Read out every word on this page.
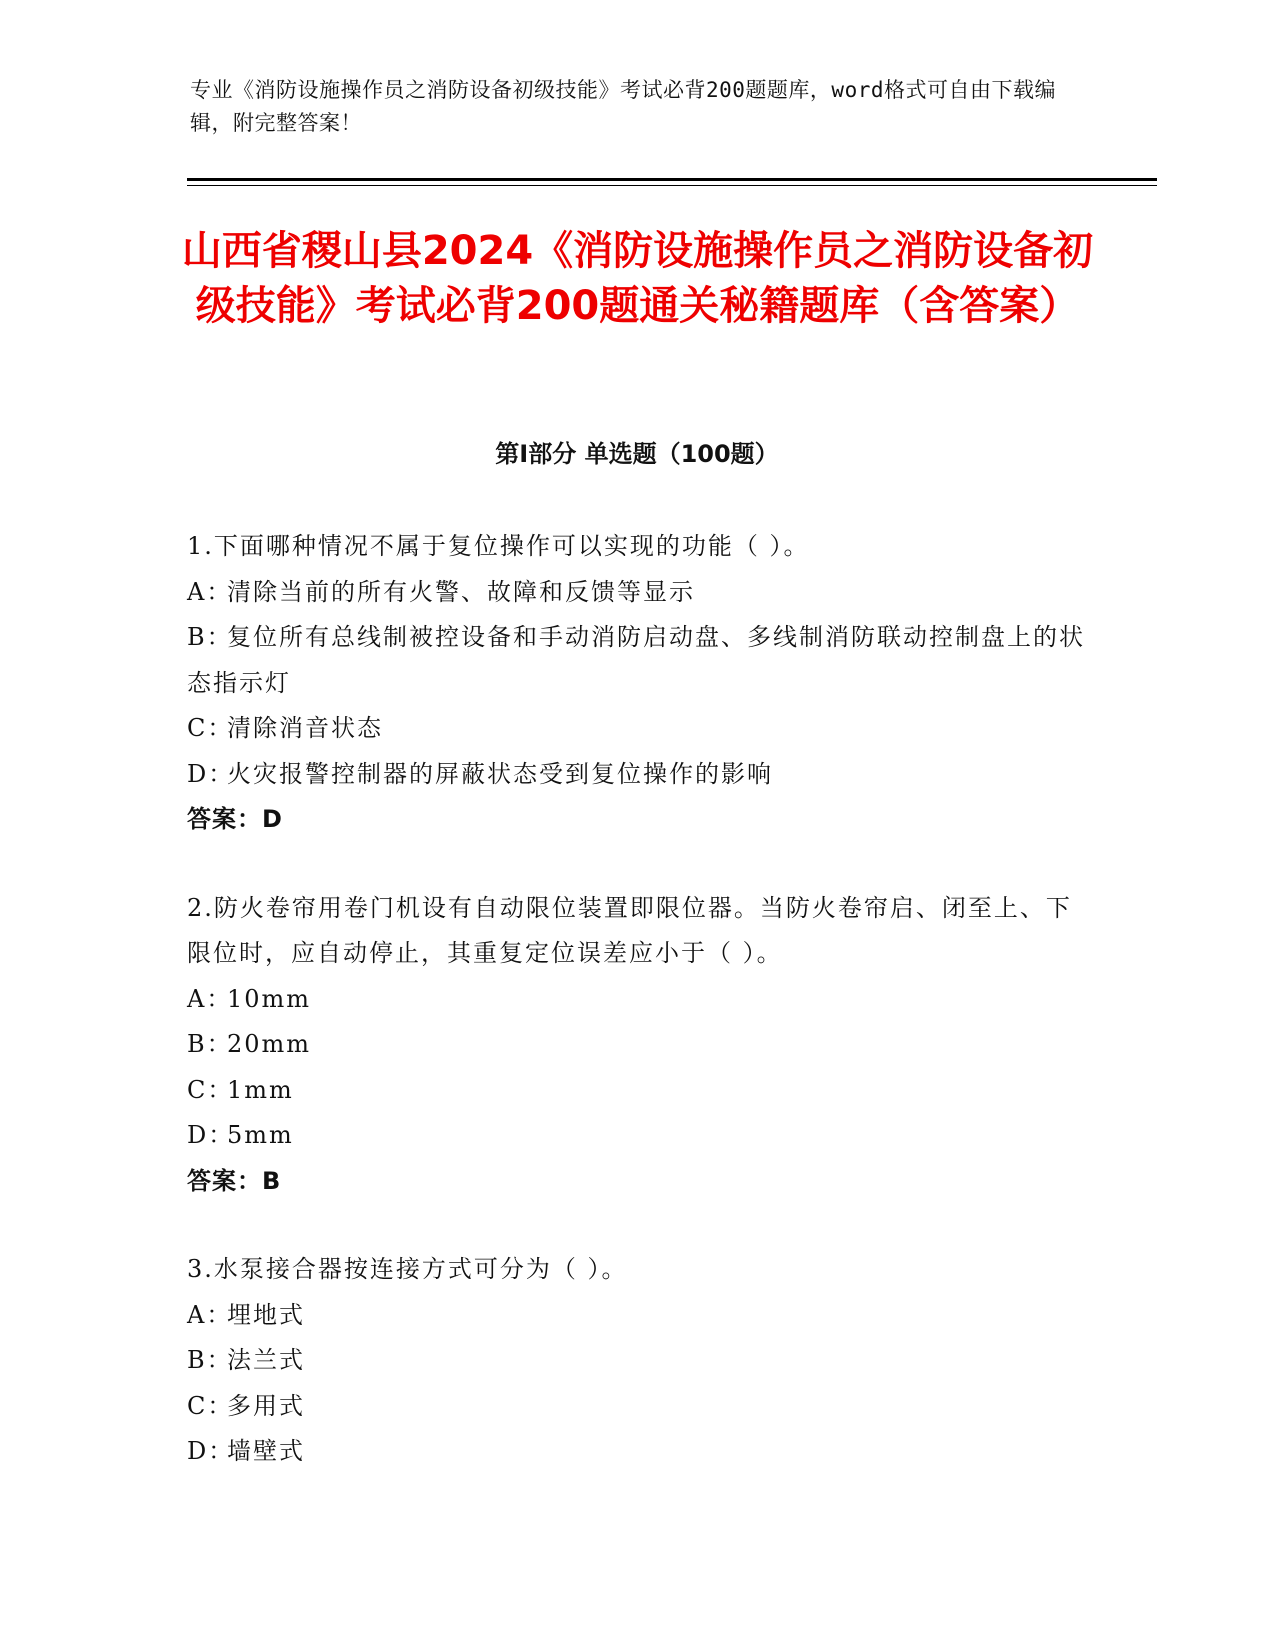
专业《消防设施操作员之消防设备初级技能》考试必背200题题库，word格式可自由下载编辑，附完整答案！
山西省稷山县2024《消防设施操作员之消防设备初级技能》考试必背200题通关秘籍题库（含答案）
第I部分 单选题（100题）
1.下面哪种情况不属于复位操作可以实现的功能（ ）。
A：清除当前的所有火警、故障和反馈等显示
B：复位所有总线制被控设备和手动消防启动盘、多线制消防联动控制盘上的状态指示灯
C：清除消音状态
D：火灾报警控制器的屏蔽状态受到复位操作的影响
答案：D
2.防火卷帘用卷门机设有自动限位装置即限位器。当防火卷帘启、闭至上、下限位时，应自动停止，其重复定位误差应小于（ ）。
A：10mm
B：20mm
C：1mm
D：5mm
答案：B
3.水泵接合器按连接方式可分为（ ）。
A：埋地式
B：法兰式
C：多用式
D：墙壁式
